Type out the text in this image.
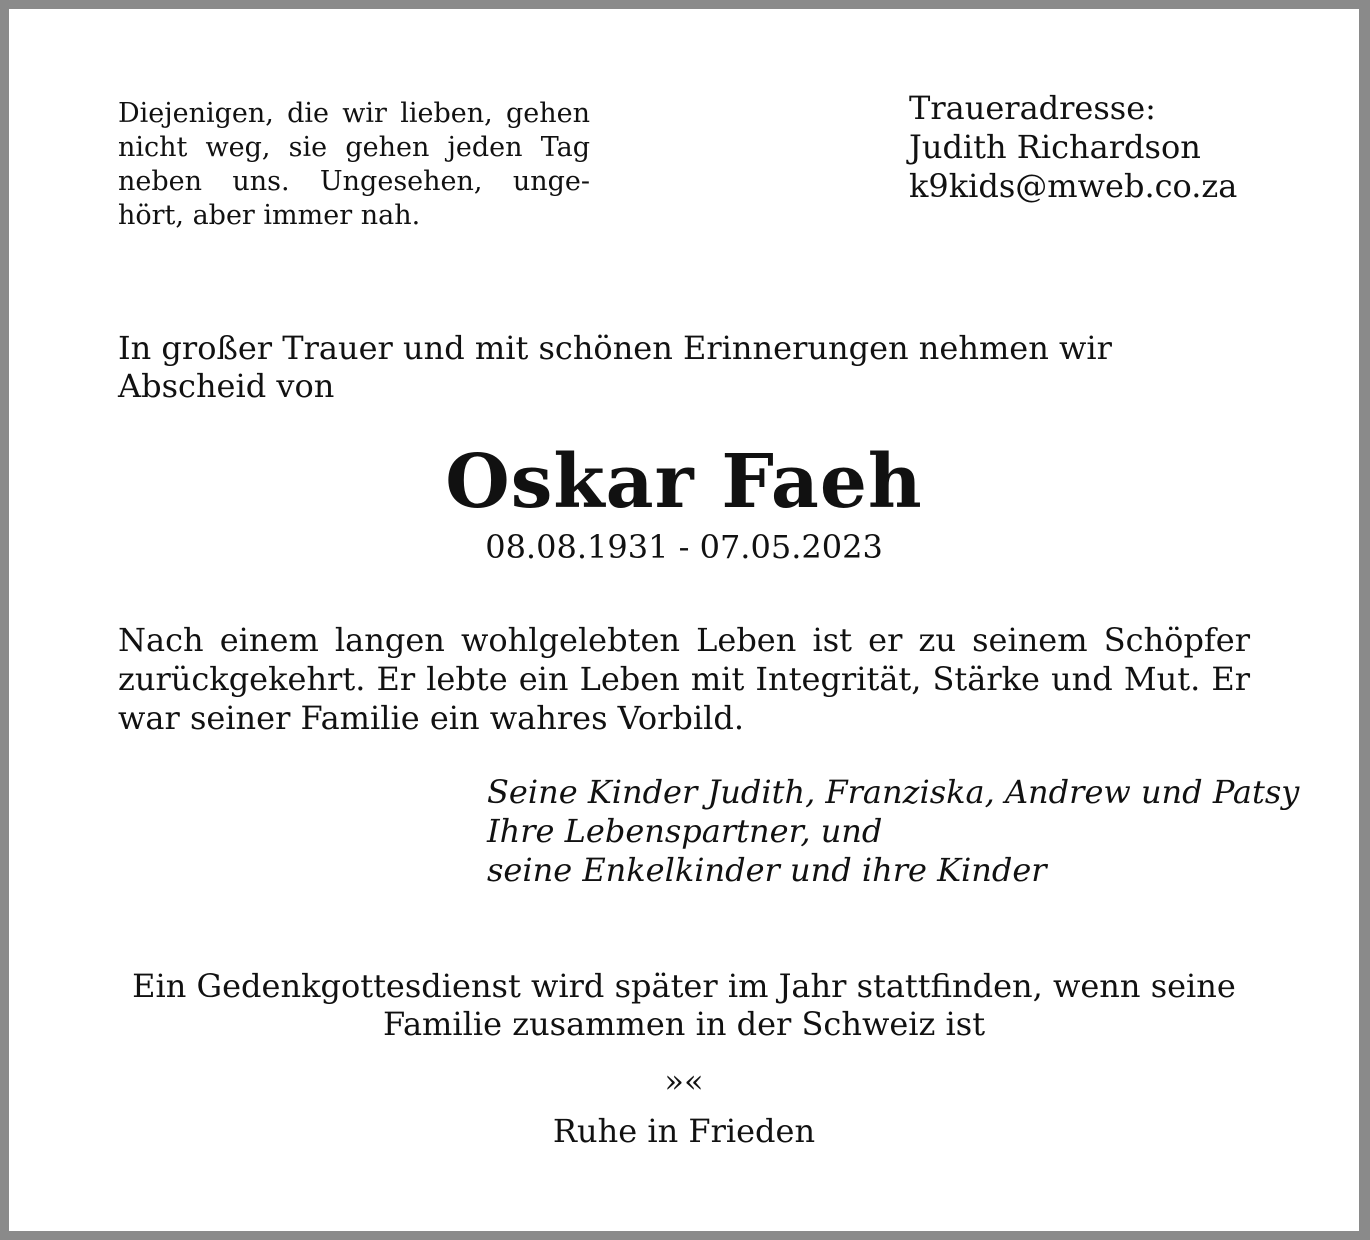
Diejenigen, die wir lieben, gehen
nicht weg, sie gehen jeden Tag
neben uns. Ungesehen, unge-
hört, aber immer nah.
Traueradresse:
Judith Richardson
k9kids@mweb.co.za
In großer Trauer und mit schönen Erinnerungen nehmen wir Abscheid von
Oskar Faeh
08.08.1931 - 07.05.2023
Nach einem langen wohlgelebten Leben ist er zu seinem Schöpfer
zurückgekehrt. Er lebte ein Leben mit Integrität, Stärke und Mut. Er
war seiner Familie ein wahres Vorbild.
Seine Kinder Judith, Franziska, Andrew und Patsy
Ihre Lebenspartner, und
seine Enkelkinder und ihre Kinder
Ein Gedenkgottesdienst wird später im Jahr stattfinden, wenn seine
Familie zusammen in der Schweiz ist
»«
Ruhe in Frieden
